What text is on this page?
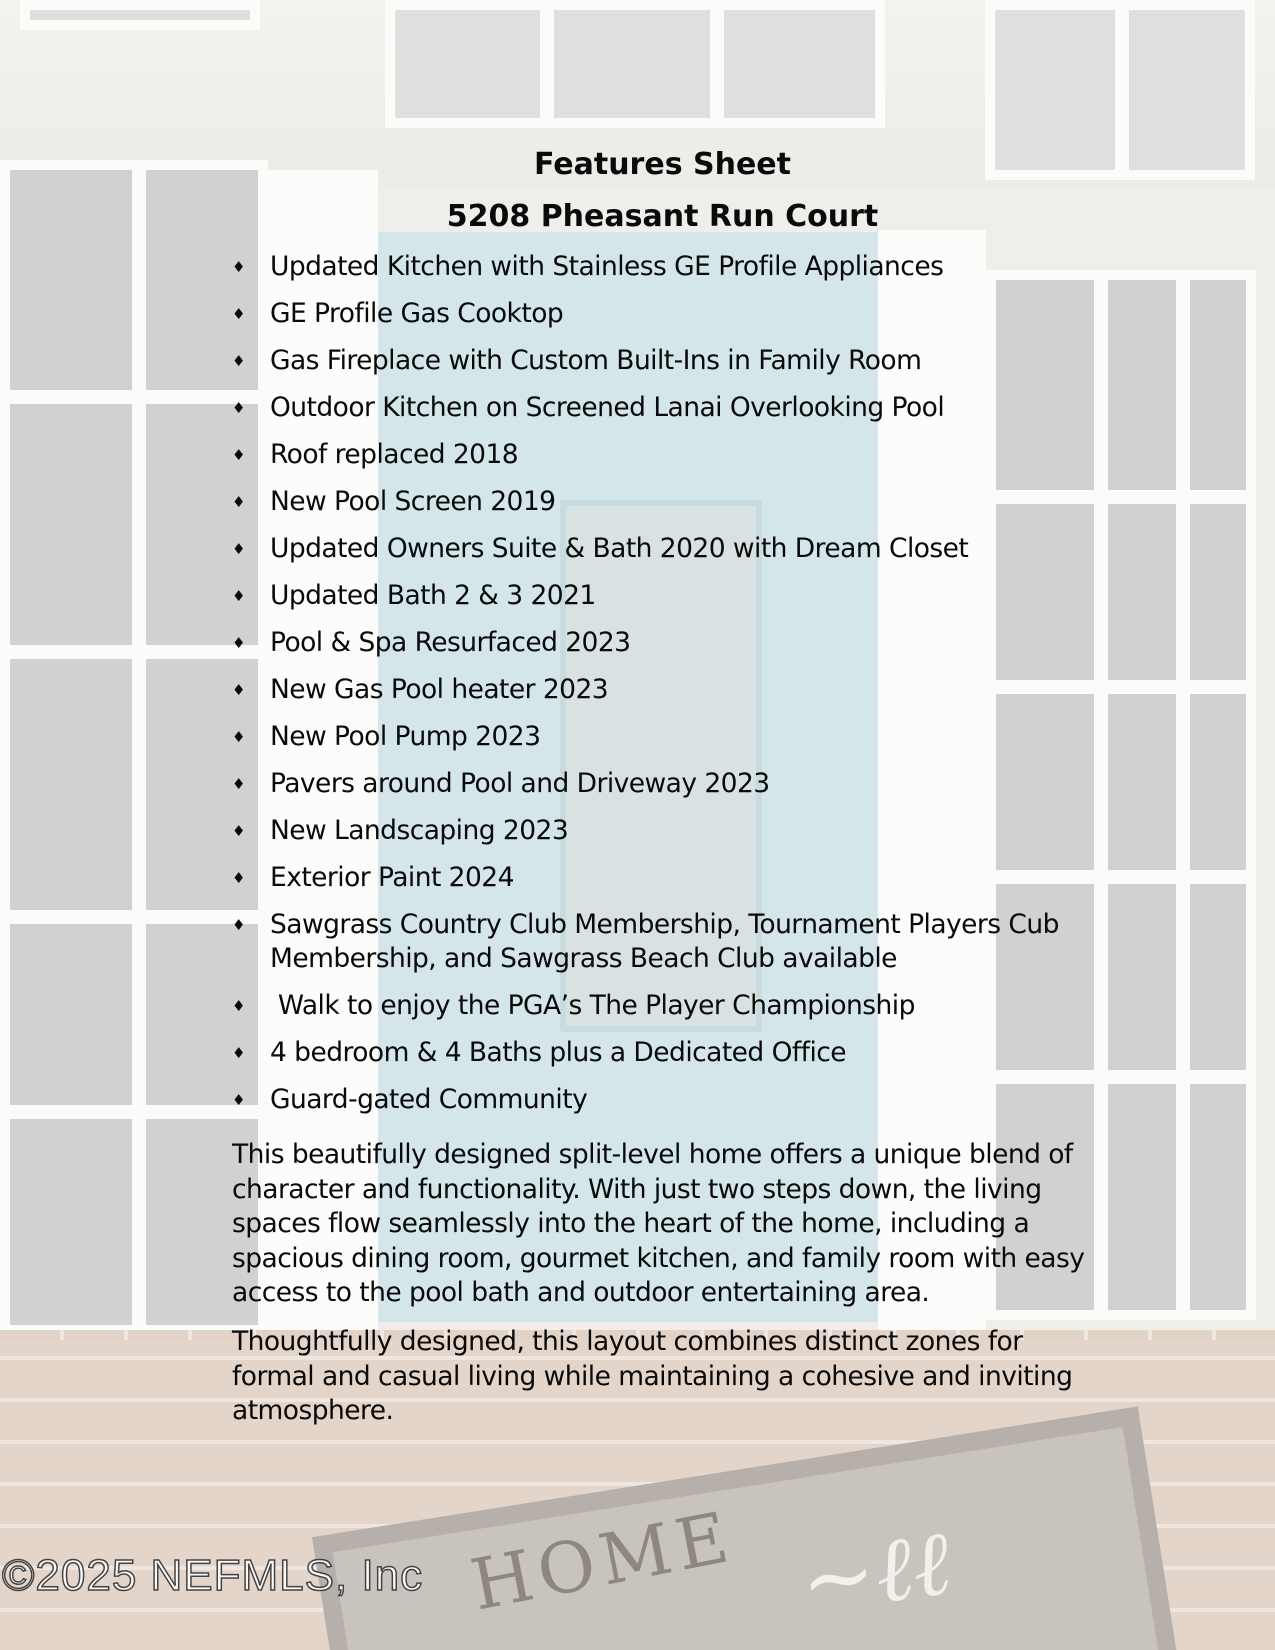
HOME ~ℓℓ
Features Sheet
5208 Pheasant Run Court
♦ Updated Kitchen with Stainless GE Profile Appliances
♦ GE Profile Gas Cooktop
♦ Gas Fireplace with Custom Built-Ins in Family Room
♦ Outdoor Kitchen on Screened Lanai Overlooking Pool
♦ Roof replaced 2018
♦ New Pool Screen 2019
♦ Updated Owners Suite & Bath 2020 with Dream Closet
♦ Updated Bath 2 & 3 2021
♦ Pool & Spa Resurfaced 2023
♦ New Gas Pool heater 2023
♦ New Pool Pump 2023
♦ Pavers around Pool and Driveway 2023
♦ New Landscaping 2023
♦ Exterior Paint 2024
♦ Sawgrass Country Club Membership, Tournament Players Cub Membership, and Sawgrass Beach Club available
♦ Walk to enjoy the PGA’s The Player Championship
♦ 4 bedroom & 4 Baths plus a Dedicated Office
♦ Guard-gated Community

This beautifully designed split-level home offers a unique blend of character and functionality. With just two steps down, the living spaces flow seamlessly into the heart of the home, including a spacious dining room, gourmet kitchen, and family room with easy access to the pool bath and outdoor entertaining area.

Thoughtfully designed, this layout combines distinct zones for formal and casual living while maintaining a cohesive and inviting atmosphere.

©2025 NEFMLS, Inc
